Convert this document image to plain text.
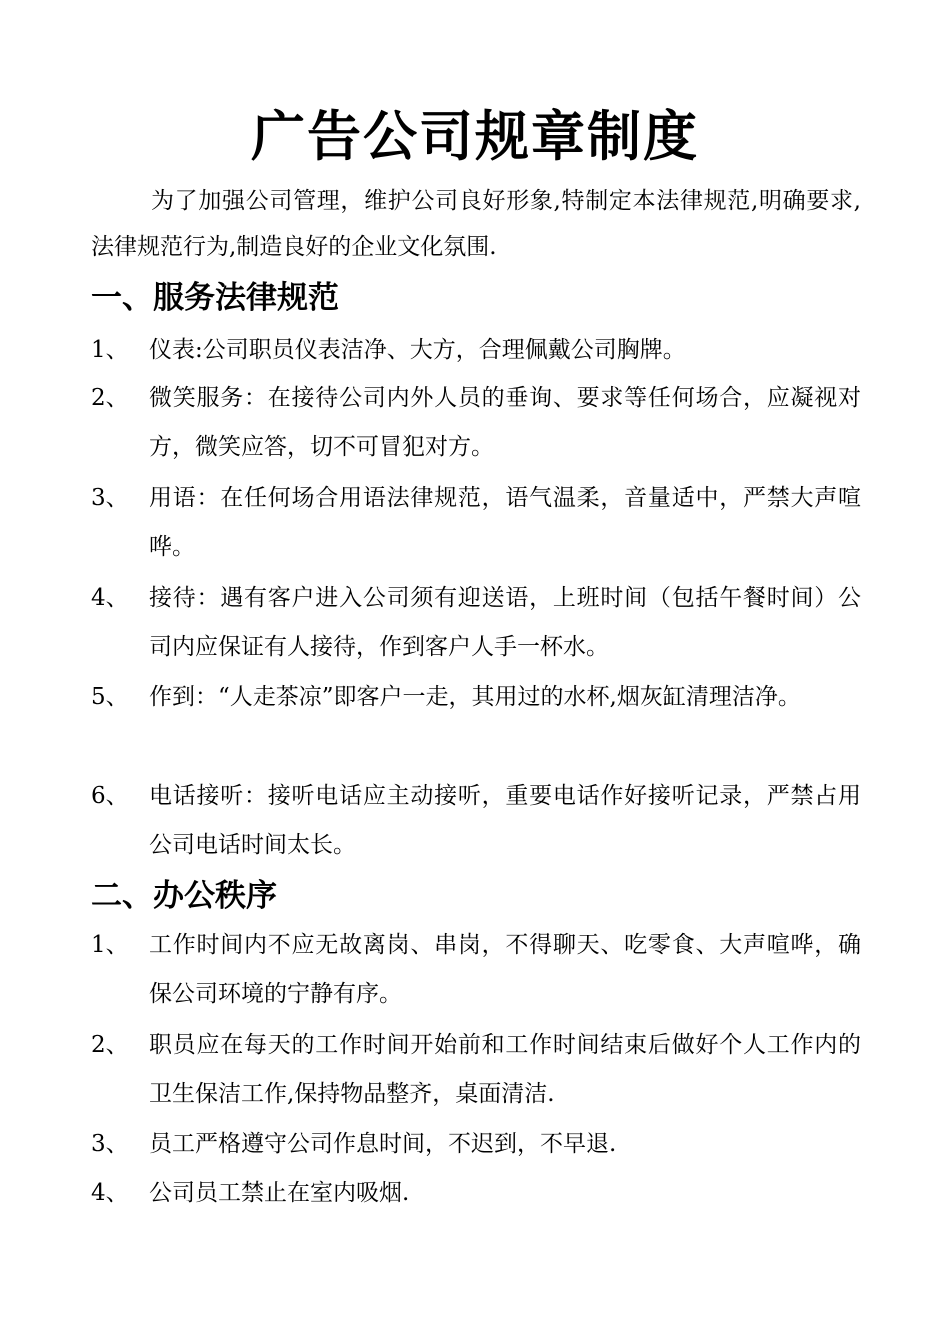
广告公司规章制度

为了加强公司管理，维护公司良好形象,特制定本法律规范,明确要求,法律规范行为,制造良好的企业文化氛围.

一、服务法律规范
1、 仪表:公司职员仪表洁净、大方，合理佩戴公司胸牌。
2、 微笑服务：在接待公司内外人员的垂询、要求等任何场合，应凝视对方，微笑应答，切不可冒犯对方。
3、 用语：在任何场合用语法律规范，语气温柔，音量适中，严禁大声喧哗。
4、 接待：遇有客户进入公司须有迎送语，上班时间（包括午餐时间）公司内应保证有人接待，作到客户人手一杯水。
5、 作到：“人走茶凉”即客户一走，其用过的水杯,烟灰缸清理洁净。
6、 电话接听：接听电话应主动接听，重要电话作好接听记录，严禁占用公司电话时间太长。
二、办公秩序
1、 工作时间内不应无故离岗、串岗，不得聊天、吃零食、大声喧哗，确保公司环境的宁静有序。
2、 职员应在每天的工作时间开始前和工作时间结束后做好个人工作内的卫生保洁工作,保持物品整齐，桌面清洁.
3、 员工严格遵守公司作息时间，不迟到，不早退.
4、 公司员工禁止在室内吸烟.
